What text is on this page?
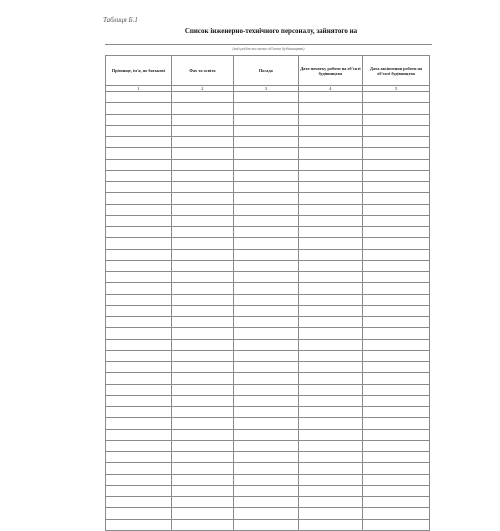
Таблиця Б.1
Список інженерно-технічного персоналу, зайнятого на
(вид робіт та назва об'єкта будівництва)
Прізвище, ім'я, по батькові	Фах та освіта	Посада	Дата початку роботи на об'єкті будівництва	Дата закінчення роботи на об'єкті будівництва
1	2	3	4	5
